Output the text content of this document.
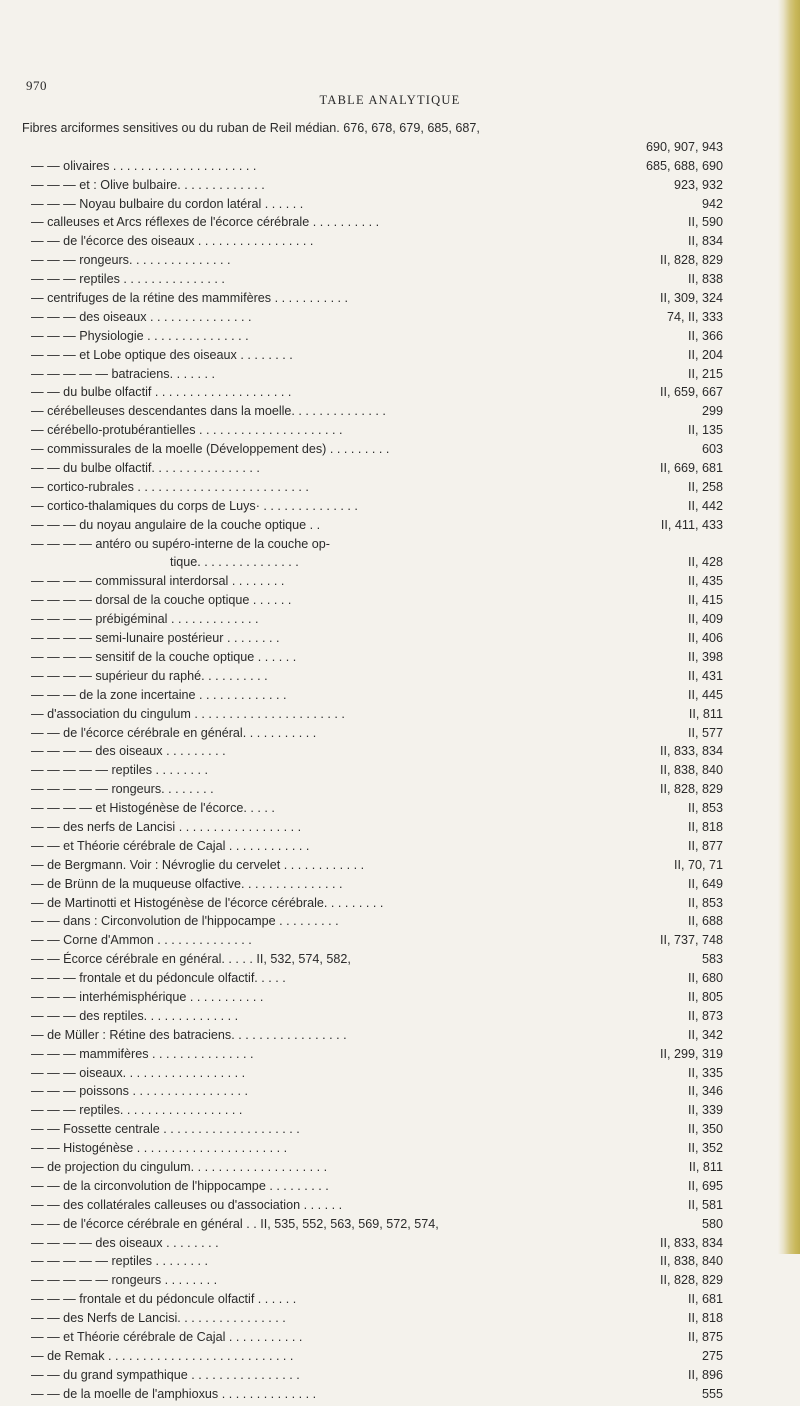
970
TABLE ANALYTIQUE
Fibres arciformes sensitives ou du ruban de Reil médian. 676, 678, 679, 685, 687,
690, 907, 943
— — olivaires . . . . . . . . . . . . . . . . . . . . .	685, 688, 690
— — — et : Olive bulbaire. . . . . . . . . . . . .	923, 932
— — — Noyau bulbaire du cordon latéral . . . . . .	942
— calleuses et Arcs réflexes de l'écorce cérébrale . . . . . . . . . .	II, 590
— — de l'écorce des oiseaux . . . . . . . . . . . . . . . . .	II, 834
— — — rongeurs. . . . . . . . . . . . . . .	II, 828, 829
— — — reptiles . . . . . . . . . . . . . . .	II, 838
— centrifuges de la rétine des mammifères . . . . . . . . . . .	II, 309, 324
— — — des oiseaux . . . . . . . . . . . . . . .	74, II, 333
— — — Physiologie . . . . . . . . . . . . . . .	II, 366
— — — et Lobe optique des oiseaux . . . . . . . .	II, 204
— — — — — batraciens. . . . . . .	II, 215
— — du bulbe olfactif . . . . . . . . . . . . . . . . . . . .	II, 659, 667
— cérébelleuses descendantes dans la moelle. . . . . . . . . . . . . .	299
— cérébello-protubérantielles . . . . . . . . . . . . . . . . . . . . .	II, 135
— commissurales de la moelle (Développement des) . . . . . . . . .	603
— — du bulbe olfactif. . . . . . . . . . . . . . . .	II, 669, 681
— cortico-rubrales . . . . . . . . . . . . . . . . . . . . . . . . .	II, 258
— cortico-thalamiques du corps de Luys· . . . . . . . . . . . . . .	II, 442
— — — du noyau angulaire de la couche optique . .	II, 411, 433
— — — — antéro ou supéro-interne de la couche op-
tique. . . . . . . . . . . . . . .	II, 428
— — — — commissural interdorsal . . . . . . . .	II, 435
— — — — dorsal de la couche optique . . . . . .	II, 415
— — — — prébigéminal . . . . . . . . . . . . .	II, 409
— — — — semi-lunaire postérieur . . . . . . . .	II, 406
— — — — sensitif de la couche optique . . . . . .	II, 398
— — — — supérieur du raphé. . . . . . . . . .	II, 431
— — — de la zone incertaine . . . . . . . . . . . . .	II, 445
— d'association du cingulum . . . . . . . . . . . . . . . . . . . . . .	II, 811
— — de l'écorce cérébrale en général. . . . . . . . . . .	II, 577
— — — — des oiseaux . . . . . . . . .	II, 833, 834
— — — — — reptiles . . . . . . . .	II, 838, 840
— — — — — rongeurs. . . . . . . .	II, 828, 829
— — — — et Histogénèse de l'écorce. . . . .	II, 853
— — des nerfs de Lancisi . . . . . . . . . . . . . . . . . .	II, 818
— — et Théorie cérébrale de Cajal . . . . . . . . . . . .	II, 877
— de Bergmann. Voir : Névroglie du cervelet . . . . . . . . . . . .	II, 70, 71
— de Brünn de la muqueuse olfactive. . . . . . . . . . . . . . .	II, 649
— de Martinotti et Histogénèse de l'écorce cérébrale. . . . . . . . .	II, 853
— — dans : Circonvolution de l'hippocampe . . . . . . . . .	II, 688
— — Corne d'Ammon . . . . . . . . . . . . . .	II, 737, 748
— — Écorce cérébrale en général. . . . . II, 532, 574, 582,	583
— — — frontale et du pédoncule olfactif. . . . .	II, 680
— — — interhémisphérique . . . . . . . . . . .	II, 805
— — — des reptiles. . . . . . . . . . . . . .	II, 873
— de Müller : Rétine des batraciens. . . . . . . . . . . . . . . . .	II, 342
— — — mammifères . . . . . . . . . . . . . . .	II, 299, 319
— — — oiseaux. . . . . . . . . . . . . . . . . .	II, 335
— — — poissons . . . . . . . . . . . . . . . . .	II, 346
— — — reptiles. . . . . . . . . . . . . . . . . .	II, 339
— — Fossette centrale . . . . . . . . . . . . . . . . . . . .	II, 350
— — Histogénèse . . . . . . . . . . . . . . . . . . . . . .	II, 352
— de projection du cingulum. . . . . . . . . . . . . . . . . . . .	II, 811
— — de la circonvolution de l'hippocampe . . . . . . . . .	II, 695
— — des collatérales calleuses ou d'association . . . . . .	II, 581
— — de l'écorce cérébrale en général . . II, 535, 552, 563, 569, 572, 574,	580
— — — — des oiseaux . . . . . . . .	II, 833, 834
— — — — — reptiles . . . . . . . .	II, 838, 840
— — — — — rongeurs . . . . . . . .	II, 828, 829
— — — frontale et du pédoncule olfactif . . . . . .	II, 681
— — des Nerfs de Lancisi. . . . . . . . . . . . . . . .	II, 818
— — et Théorie cérébrale de Cajal . . . . . . . . . . .	II, 875
— de Remak . . . . . . . . . . . . . . . . . . . . . . . . . . .	275
— — du grand sympathique . . . . . . . . . . . . . . . .	II, 896
— — de la moelle de l'amphioxus . . . . . . . . . . . . . .	555
